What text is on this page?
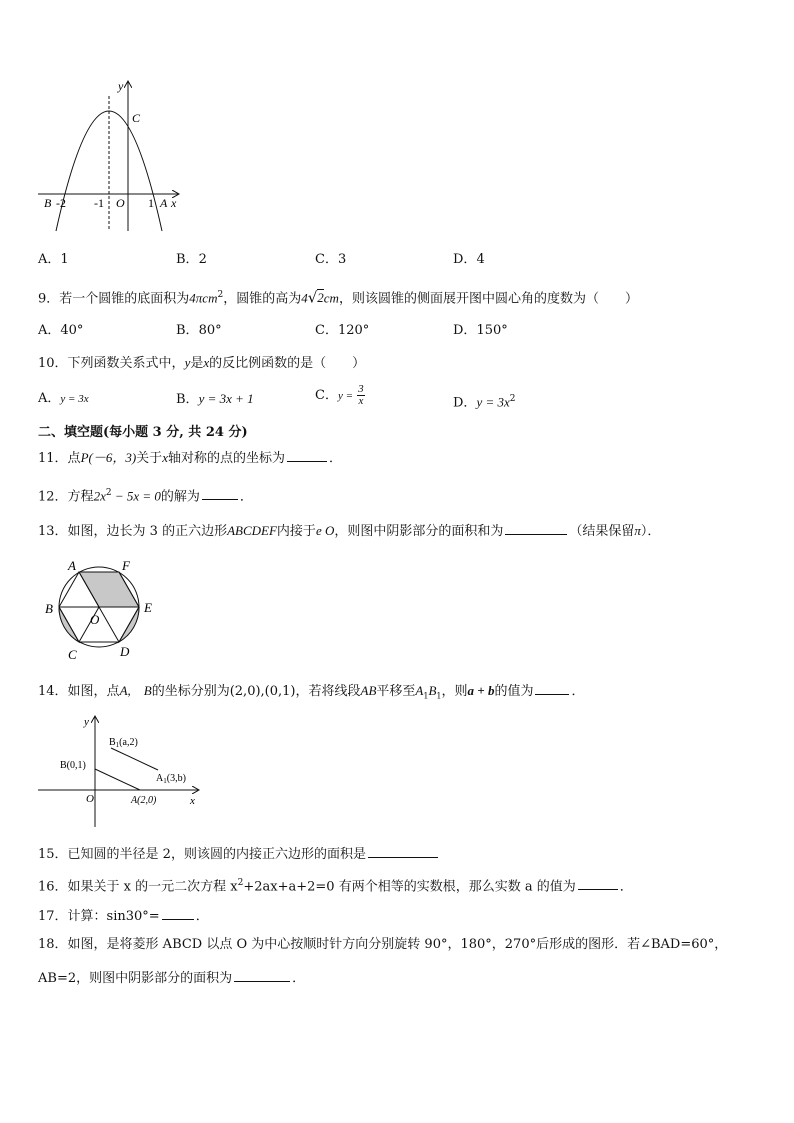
y
C
B -2 -1 O 1 A x
A．1	B．2	C．3	D．4
9．若一个圆锥的底面积为4πcm$^2$，圆锥的高为4√2cm，则该圆锥的侧面展开图中圆心角的度数为（　　）
A．40°	B．80°	C．120°	D．150°
10．下列函数关系式中，y是x的反比例函数的是（　　）
A．y = 3x	B．y = 3x + 1	C．$y = \frac{3}{x}$	D．$y = 3x^2$
二、填空题(每小题 3 分, 共 24 分)
11．点P(－6，3)关于x轴对称的点的坐标为	．
12．方程$2x^2 - 5x = 0$的解为	．
13．如图，边长为 3 的正六边形ABCDEF内接于e O，则图中阴影部分的面积和为	（结果保留π）．
A	F
B	E
O
C	D
14．如图，点A,　B的坐标分别为(2,0),(0,1)，若将线段AB平移至$A_1B_1$，则a + b的值为	．
y
$B_1(a,2)$
B(0,1)
$A_1(3,b)$
O	A(2,0)	x
15．已知圆的半径是 2，则该圆的内接正六边形的面积是
16．如果关于 x 的一元二次方程 $x^2+2ax+a+2=0$ 有两个相等的实数根，那么实数 a 的值为	．
17．计算：sin30°=	．
18．如图，是将菱形 ABCD 以点 O 为中心按顺时针方向分别旋转 90°，180°，270°后形成的图形．若∠BAD=60°，
AB=2，则图中阴影部分的面积为	．
